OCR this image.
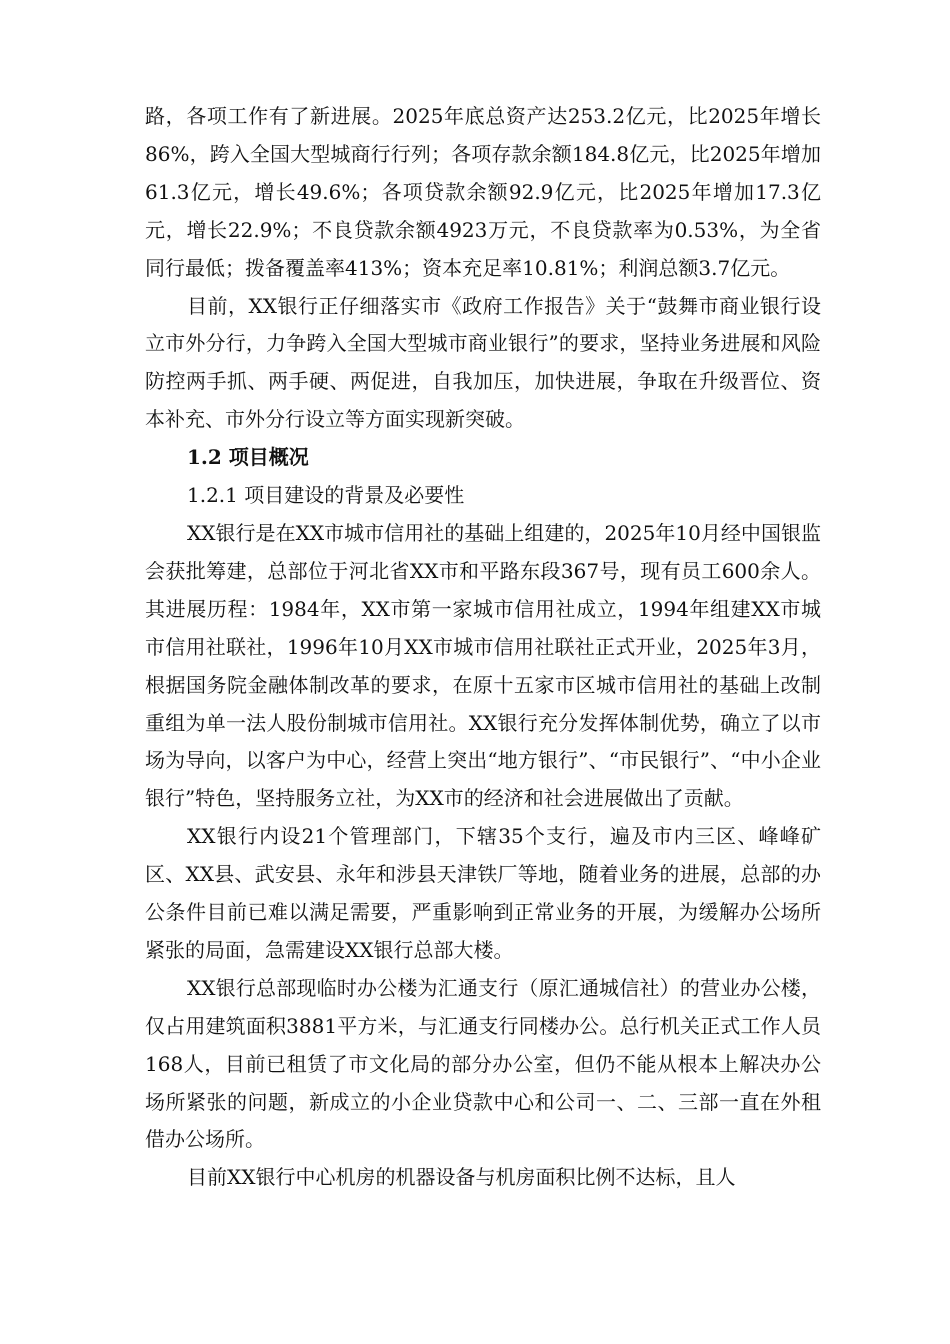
路，各项工作有了新进展。2025年底总资产达253.2亿元，比2025年增长86%，跨入全国大型城商行行列；各项存款余额184.8亿元，比2025年增加61.3亿元，增长49.6%；各项贷款余额92.9亿元，比2025年增加17.3亿元，增长22.9%；不良贷款余额4923万元，不良贷款率为0.53%，为全省同行最低；拨备覆盖率413%；资本充足率10.81%；利润总额3.7亿元。

目前，XX银行正仔细落实市《政府工作报告》关于“鼓舞市商业银行设立市外分行，力争跨入全国大型城市商业银行”的要求，坚持业务进展和风险防控两手抓、两手硬、两促进，自我加压，加快进展，争取在升级晋位、资本补充、市外分行设立等方面实现新突破。

1.2 项目概况

1.2.1 项目建设的背景及必要性

XX银行是在XX市城市信用社的基础上组建的，2025年10月经中国银监会获批筹建，总部位于河北省XX市和平路东段367号，现有员工600余人。其进展历程：1984年，XX市第一家城市信用社成立，1994年组建XX市城市信用社联社，1996年10月XX市城市信用社联社正式开业，2025年3月，根据国务院金融体制改革的要求，在原十五家市区城市信用社的基础上改制重组为单一法人股份制城市信用社。XX银行充分发挥体制优势，确立了以市场为导向，以客户为中心，经营上突出“地方银行”、“市民银行”、“中小企业银行”特色，坚持服务立社，为XX市的经济和社会进展做出了贡献。

XX银行内设21个管理部门，下辖35个支行，遍及市内三区、峰峰矿区、XX县、武安县、永年和涉县天津铁厂等地，随着业务的进展，总部的办公条件目前已难以满足需要，严重影响到正常业务的开展，为缓解办公场所紧张的局面，急需建设XX银行总部大楼。

XX银行总部现临时办公楼为汇通支行（原汇通城信社）的营业办公楼，仅占用建筑面积3881平方米，与汇通支行同楼办公。总行机关正式工作人员168人，目前已租赁了市文化局的部分办公室，但仍不能从根本上解决办公场所紧张的问题，新成立的小企业贷款中心和公司一、二、三部一直在外租借办公场所。

目前XX银行中心机房的机器设备与机房面积比例不达标，且人
